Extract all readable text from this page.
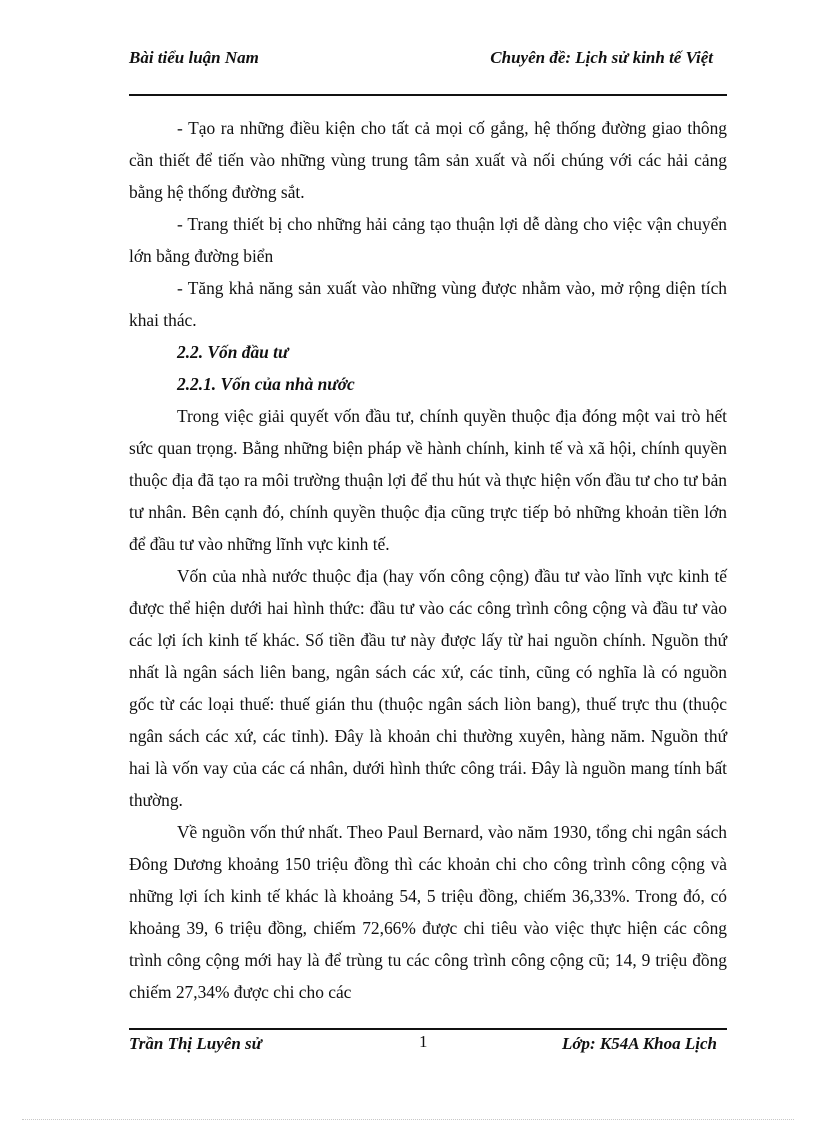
Bài tiểu luận Nam	Chuyên đề: Lịch sử kinh tế Việt

- Tạo ra những điều kiện cho tất cả mọi cố gắng, hệ thống đường giao thông cần thiết để tiến vào những vùng trung tâm sản xuất và nối chúng với các hải cảng bằng hệ thống đường sắt.

- Trang thiết bị cho những hải cảng tạo thuận lợi dễ dàng cho việc vận chuyển lớn bằng đường biển

- Tăng khả năng sản xuất vào những vùng được nhằm vào, mở rộng diện tích khai thác.

2.2. Vốn đầu tư

2.2.1. Vốn của nhà nước

Trong việc giải quyết vốn đầu tư, chính quyền thuộc địa đóng một vai trò hết sức quan trọng. Bằng những biện pháp về hành chính, kinh tế và xã hội, chính quyền thuộc địa đã tạo ra môi trường thuận lợi để thu hút và thực hiện vốn đầu tư cho tư bản tư nhân. Bên cạnh đó, chính quyền thuộc địa cũng trực tiếp bỏ những khoản tiền lớn để đầu tư vào những lĩnh vực kinh tế.

Vốn của nhà nước thuộc địa (hay vốn công cộng) đầu tư vào lĩnh vực kinh tế được thể hiện dưới hai hình thức: đầu tư vào các công trình công cộng và đầu tư vào các lợi ích kinh tế khác. Số tiền đầu tư này được lấy từ hai nguồn chính. Nguồn thứ nhất là ngân sách liên bang, ngân sách các xứ, các tỉnh, cũng có nghĩa là có nguồn gốc từ các loại thuế: thuế gián thu (thuộc ngân sách liòn bang), thuế trực thu (thuộc ngân sách các xứ, các tỉnh). Đây là khoản chi thường xuyên, hàng năm. Nguồn thứ hai là vốn vay của các cá nhân, dưới hình thức công trái. Đây là nguồn mang tính bất thường.

Về nguồn vốn thứ nhất. Theo Paul Bernard, vào năm 1930, tổng chi ngân sách Đông Dương khoảng 150 triệu đồng thì các khoản chi cho công trình công cộng và những lợi ích kinh tế khác là khoảng 54, 5 triệu đồng, chiếm 36,33%. Trong đó, có khoảng 39, 6 triệu đồng, chiếm 72,66% được chi tiêu vào việc thực hiện các công trình công cộng mới hay là để trùng tu các công trình công cộng cũ; 14, 9 triệu đồng chiếm 27,34% được chi cho các

Trần Thị Luyên sử	1	Lớp: K54A Khoa Lịch
